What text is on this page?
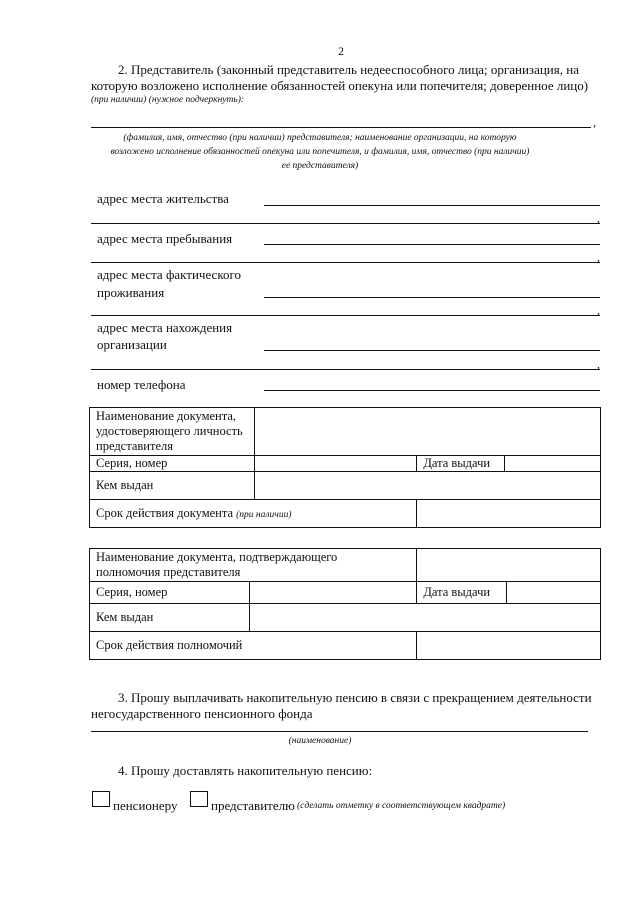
2
2. Представитель (законный представитель недееспособного лица; организация, на
которую возложено исполнение обязанностей опекуна или попечителя; доверенное лицо)
(при наличии) (нужное подчеркнуть):
,
(фамилия, имя, отчество (при наличии) представителя; наименование организации, на которую
возложено исполнение обязанностей опекуна или попечителя, и фамилия, имя, отчество (при наличии)
ее представителя)
адрес места жительства
,
адрес места пребывания
,
адрес места фактического
проживания
,
адрес места нахождения
организации
,
номер телефона
Наименование документа,
удостоверяющего личность
представителя			

Серия, номер		Дата выдачи	
Кем выдан			
Срок действия документа (при наличии)			
Наименование документа, подтверждающего
полномочия представителя			

Серия, номер		Дата выдачи	
Кем выдан			
Срок действия полномочий			
3. Прошу выплачивать накопительную пенсию в связи с прекращением деятельности
негосударственного пенсионного фонда
(наименование)
4. Прошу доставлять накопительную пенсию:
пенсионеру	представителю (сделать отметку в соответствующем квадрате)
